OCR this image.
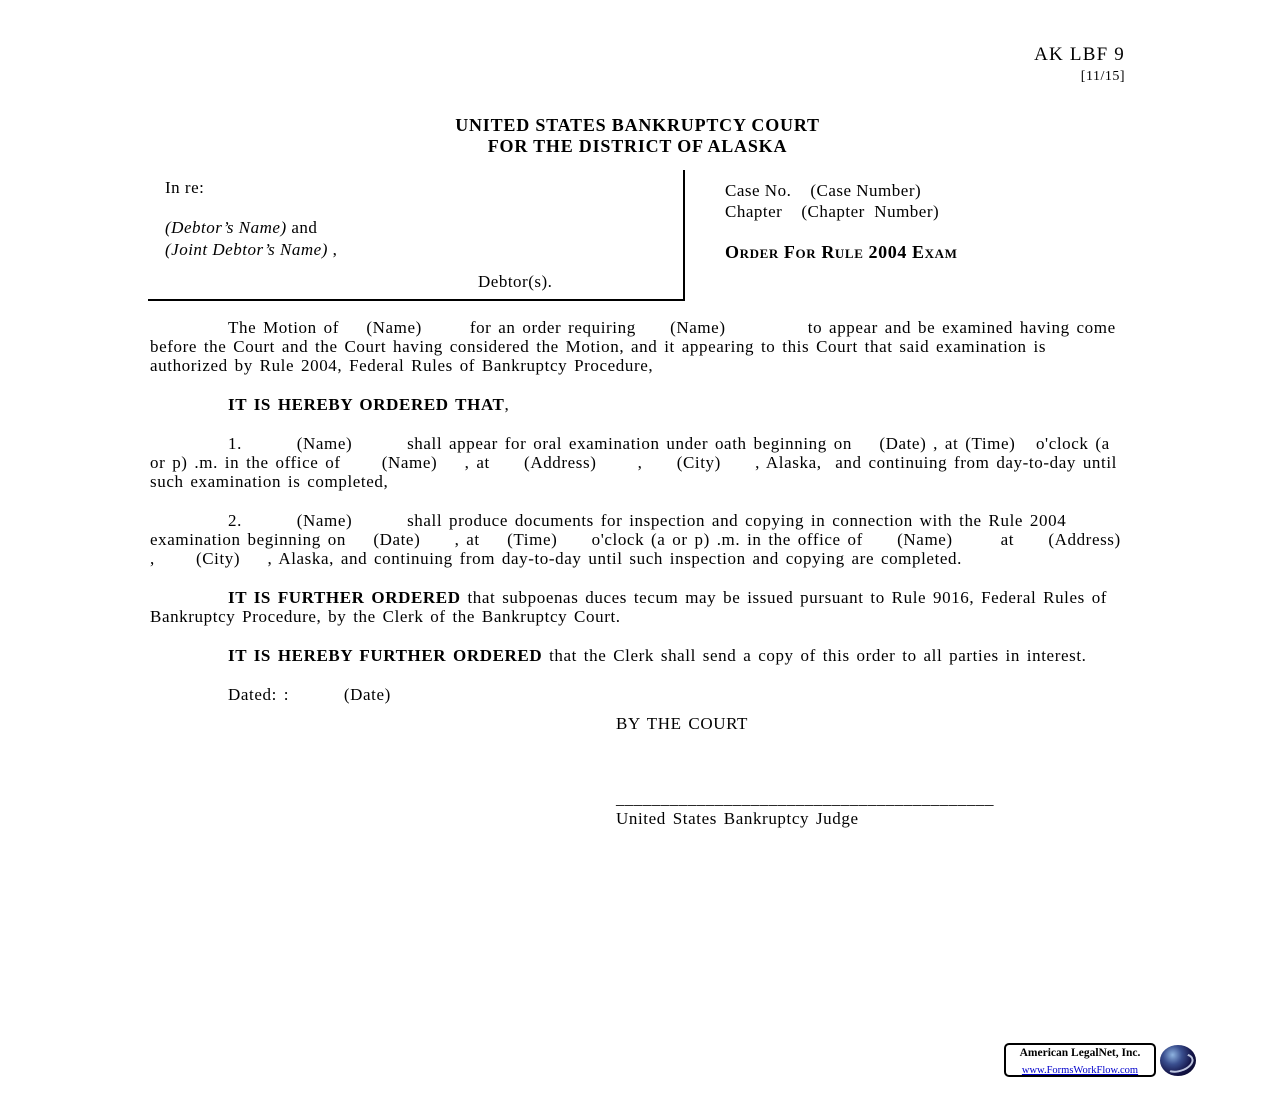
AK LBF 9
[11/15]
UNITED STATES BANKRUPTCY COURT
FOR THE DISTRICT OF ALASKA
In re:
(Debtor’s Name) and
(Joint Debtor’s Name) ,
Debtor(s).
Case No.    (Case Number)
Chapter    (Chapter  Number)
Order For Rule 2004 Exam

The Motion of    (Name)       for an order requiring     (Name)            to appear and be examined having come before the Court and the Court having considered the Motion, and it appearing to this Court that said examination is authorized by Rule 2004, Federal Rules of Bankruptcy Procedure,

IT IS HEREBY ORDERED THAT,

1.        (Name)        shall appear for oral examination under oath beginning on    (Date) , at (Time)   o'clock (a or p) .m. in the office of      (Name)    , at     (Address)      ,     (City)     , Alaska,  and continuing from day-to-day until such examination is completed,

2.        (Name)        shall produce documents for inspection and copying in connection with the Rule 2004 examination beginning on    (Date)     , at    (Time)     o'clock (a or p) .m. in the office of     (Name)       at     (Address)     ,      (City)    , Alaska, and continuing from day-to-day until such inspection and copying are completed.

IT IS FURTHER ORDERED that subpoenas duces tecum may be issued pursuant to Rule 9016, Federal Rules of Bankruptcy Procedure, by the Clerk of the Bankruptcy Court.

IT IS HEREBY FURTHER ORDERED that the Clerk shall send a copy of this order to all parties in interest.

Dated: :        (Date)

BY THE COURT

__________________________________________
United States Bankruptcy Judge
American LegalNet, Inc.
www.FormsWorkFlow.com
